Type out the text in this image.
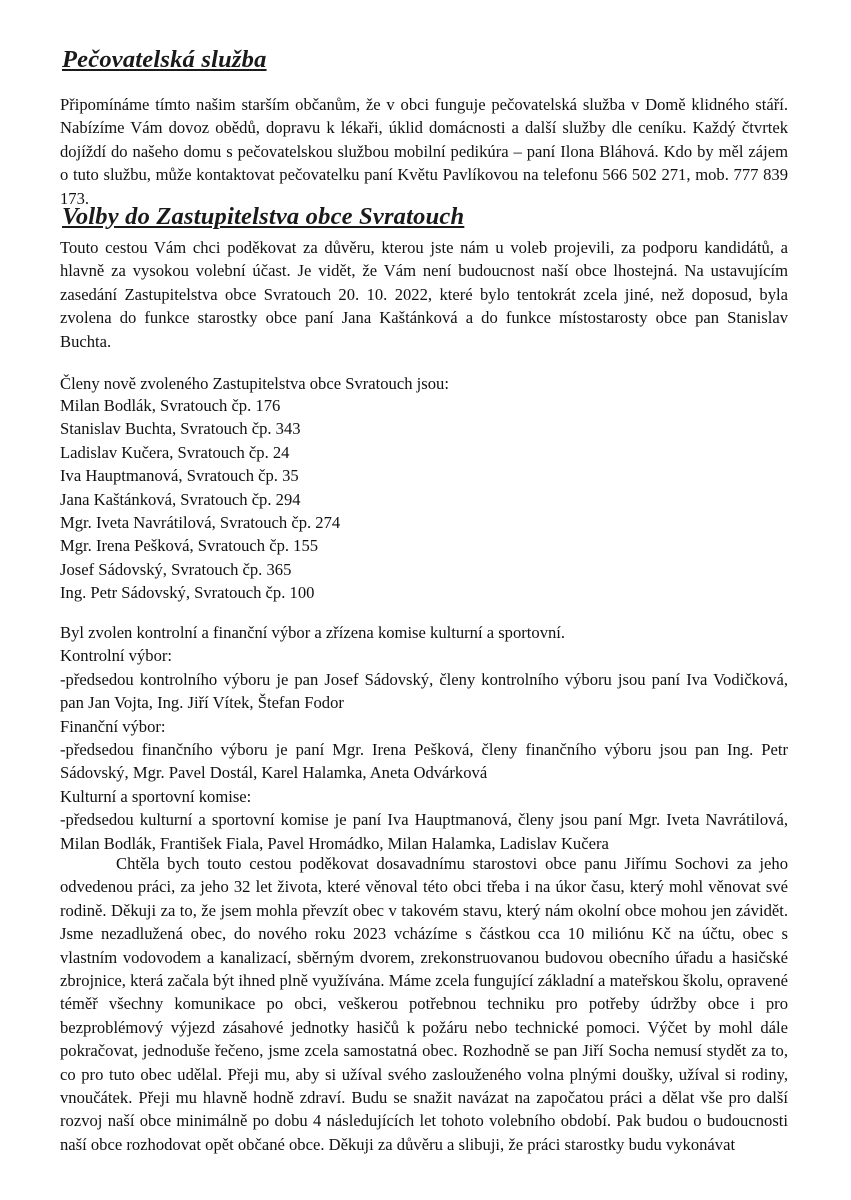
Pečovatelská služba

Připomínáme tímto našim starším občanům, že v obci funguje pečovatelská služba v Domě klidného stáří. Nabízíme Vám dovoz obědů, dopravu k lékaři, úklid domácnosti a další služby dle ceníku. Každý čtvrtek dojíždí do našeho domu s pečovatelskou službou mobilní pedikúra – paní Ilona Bláhová. Kdo by měl zájem o tuto službu, může kontaktovat pečovatelku paní Květu Pavlíkovou na telefonu 566 502 271, mob. 777 839 173.

Volby do Zastupitelstva obce Svratouch

Touto cestou Vám chci poděkovat za důvěru, kterou jste nám u voleb projevili, za podporu kandidátů, a hlavně za vysokou volební účast. Je vidět, že Vám není budoucnost naší obce lhostejná. Na ustavujícím zasedání Zastupitelstva obce Svratouch 20. 10. 2022, které bylo tentokrát zcela jiné, než doposud, byla zvolena do funkce starostky obce paní Jana Kaštánková a do funkce místostarosty obce pan Stanislav Buchta.

Členy nově zvoleného Zastupitelstva obce Svratouch jsou:

Milan Bodlák, Svratouch čp. 176
Stanislav Buchta, Svratouch čp. 343
Ladislav Kučera, Svratouch čp. 24
Iva Hauptmanová, Svratouch čp. 35
Jana Kaštánková, Svratouch čp. 294
Mgr. Iveta Navrátilová, Svratouch čp. 274
Mgr. Irena Pešková, Svratouch čp. 155
Josef Sádovský, Svratouch čp. 365
Ing. Petr Sádovský, Svratouch čp. 100

Byl zvolen kontrolní a finanční výbor a zřízena komise kulturní a sportovní.

Kontrolní výbor:

-předsedou kontrolního výboru je pan Josef Sádovský, členy kontrolního výboru jsou paní Iva Vodičková, pan Jan Vojta, Ing. Jiří Vítek, Štefan Fodor

Finanční výbor:

-předsedou finančního výboru je paní Mgr. Irena Pešková, členy finančního výboru jsou pan Ing. Petr Sádovský, Mgr. Pavel Dostál, Karel Halamka, Aneta Odvárková

Kulturní a sportovní komise:

-předsedou kulturní a sportovní komise je paní Iva Hauptmanová, členy jsou paní Mgr. Iveta Navrátilová, Milan Bodlák, František Fiala, Pavel Hromádko, Milan Halamka, Ladislav Kučera

Chtěla bych touto cestou poděkovat dosavadnímu starostovi obce panu Jiřímu Sochovi za jeho odvedenou práci, za jeho 32 let života, které věnoval této obci třeba i na úkor času, který mohl věnovat své rodině. Děkuji za to, že jsem mohla převzít obec v takovém stavu, který nám okolní obce mohou jen závidět. Jsme nezadlužená obec, do nového roku 2023 vcházíme s částkou cca 10 miliónu Kč na účtu, obec s vlastním vodovodem a kanalizací, sběrným dvorem, zrekonstruovanou budovou obecního úřadu a hasičské zbrojnice, která začala být ihned plně využívána. Máme zcela fungující základní a mateřskou školu, opravené téměř všechny komunikace po obci, veškerou potřebnou techniku pro potřeby údržby obce i pro bezproblémový výjezd zásahové jednotky hasičů k požáru nebo technické pomoci. Výčet by mohl dále pokračovat, jednoduše řečeno, jsme zcela samostatná obec. Rozhodně se pan Jiří Socha nemusí stydět za to, co pro tuto obec udělal. Přeji mu, aby si užíval svého zaslouženého volna plnými doušky, užíval si rodiny, vnoučátek. Přeji mu hlavně hodně zdraví. Budu se snažit navázat na započatou práci a dělat vše pro další rozvoj naší obce minimálně po dobu 4 následujících let tohoto volebního období. Pak budou o budoucnosti naší obce rozhodovat opět občané obce. Děkuji za důvěru a slibuji, že práci starostky budu vykonávat
